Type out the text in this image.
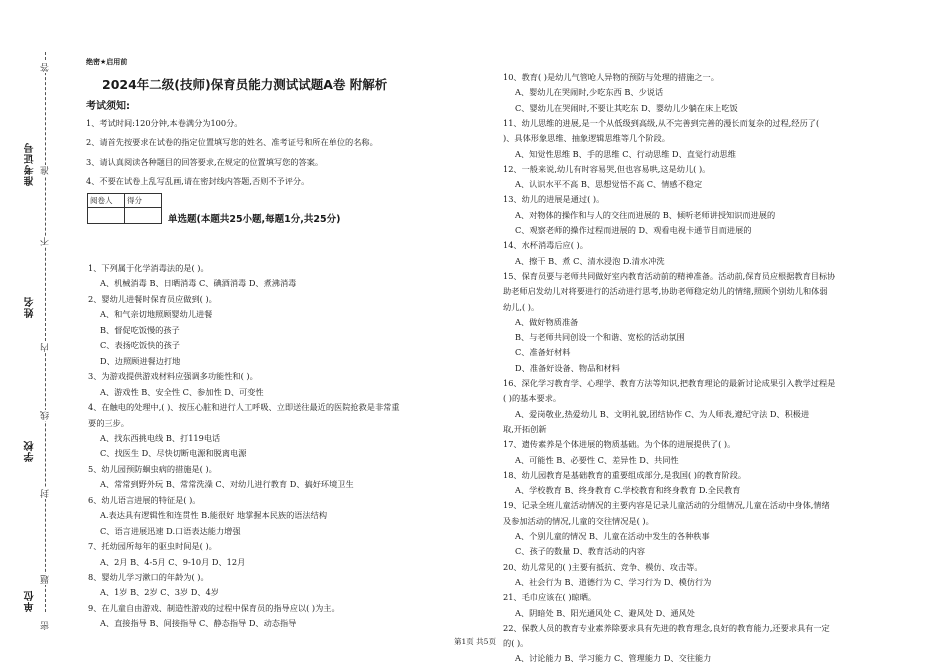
准考证号
姓名
学校
单位
密
封
线
内
不
准
答
题
绝密★启用前
2024年二级(技师)保育员能力测试试题A卷 附解析
考试须知:
1、考试时间:120分钟,本卷满分为100分。
2、请首先按要求在试卷的指定位置填写您的姓名、准考证号和所在单位的名称。
3、请认真阅读各种题目的回答要求,在规定的位置填写您的答案。
4、不要在试卷上乱写乱画,请在密封线内答题,否则不予评分。
阅卷人	得分

单选题(本题共25小题,每题1分,共25分)
1、下列属于化学消毒法的是( )。
A、机械消毒 B、日晒消毒 C、碘酒消毒 D、煮沸消毒
2、婴幼儿进餐时保育员应做到( )。
A、和气亲切地照顾婴幼儿进餐
B、督促吃饭慢的孩子
C、表扬吃饭快的孩子
D、边照顾进餐边打地
3、为游戏提供游戏材料应强调多功能性和( )。
A、游戏性 B、安全性 C、参加性 D、可变性
4、在触电的处理中,( )、按压心脏和进行人工呼吸、立即送往最近的医院抢救是非常重
要的三步。
A、找东西挑电线 B、打119电话
C、找医生 D、尽快切断电源和脱离电源
5、幼儿园预防蛔虫病的措施是( )。
A、常常到野外玩 B、常常洗澡 C、对幼儿进行教育 D、搞好环境卫生
6、幼儿语言进展的特征是( )。
A.表达具有逻辑性和连贯性 B.能很好 地掌握本民族的语法结构
C、语言进展迅速 D.口语表达能力增强
7、托幼园所每年的驱虫时间是( )。
A、2月 B、4-5月 C、9-10月 D、12月
8、婴幼儿学习漱口的年龄为( )。
A、1岁 B、2岁 C、3岁 D、4岁
9、在儿童自由游戏、制造性游戏的过程中保育员的指导应以( )为主。
A、直接指导 B、间接指导 C、静态指导 D、动态指导
10、教育( )是幼儿气管呛人异物的预防与处理的措施之一。
A、婴幼儿在哭闹时,少吃东西 B、少说话
C、婴幼儿在哭闹时,不要让其吃东 D、婴幼儿少躺在床上吃饭
11、幼儿思维的进展,是一个从低级到高级,从不完善到完善的漫长而复杂的过程,经历了(
)、具体形象思维、抽象逻辑思维等几个阶段。
A、知觉性思维 B、手的思维 C、行动思维 D、直觉行动思维
12、一般来说,幼儿有时容易哭,但也容易哄,这是幼儿( )。
A、认识水平不高 B、思想觉悟不高 C、情感不稳定
13、幼儿的进展是通过( )。
A、对物体的操作和与人的交往而进展的 B、倾听老师讲授知识而进展的
C、观察老师的操作过程而进展的 D、观看电视卡通节目而进展的
14、水杯消毒后应( )。
A、擦干 B、煮 C、清水浸泡 D.清水冲洗
15、保育员要与老师共同做好室内教育活动前的精神准备。活动前,保育员应根据教育目标协
助老师启发幼儿对将要进行的活动进行思考,协助老师稳定幼儿的情绪,照顾个别幼儿和体弱
幼儿,( )。
A、做好物质准备
B、与老师共同创设一个和谐、宽松的活动氛围
C、准备好材料
D、准备好设备、物品和材料
16、深化学习教育学、心理学、教育方法等知识,把教育理论的最新讨论成果引入教学过程是
( )的基本要求。
A、爱岗敬业,热爱幼儿 B、文明礼貌,团结协作 C、为人师表,遵纪守法 D、积极进
取,开拓创新
17、遗传素养是个体进展的物质基础。为个体的进展提供了( )。
A、可能性 B、必要性 C、差异性 D、共同性
18、幼儿园教育是基础教育的重要组成部分,是我国( )的教育阶段。
A、学校教育 B、终身教育 C.学校教育和终身教育 D.全民教育
19、记录全班儿童活动情况的主要内容是记录儿童活动的分组情况,儿童在活动中身体,情绪
及参加活动的情况,儿童的交往情况是( )。
A、个别儿童的情况 B、儿童在活动中发生的各种秩事
C、孩子的数量 D、教育活动的内容
20、幼儿常见的( )主要有抵抗、竞争、模仿、攻击等。
A、社会行为 B、道德行为 C、学习行为 D、模仿行为
21、毛巾应该在( )晾晒。
A、阴暗处 B、阳光通风处 C、避风处 D、通风处
22、保教人员的教育专业素养除要求具有先进的教育理念,良好的教育能力,还要求具有一定
的( )。
A、讨论能力 B、学习能力 C、管理能力 D、交往能力
第1页 共5页
